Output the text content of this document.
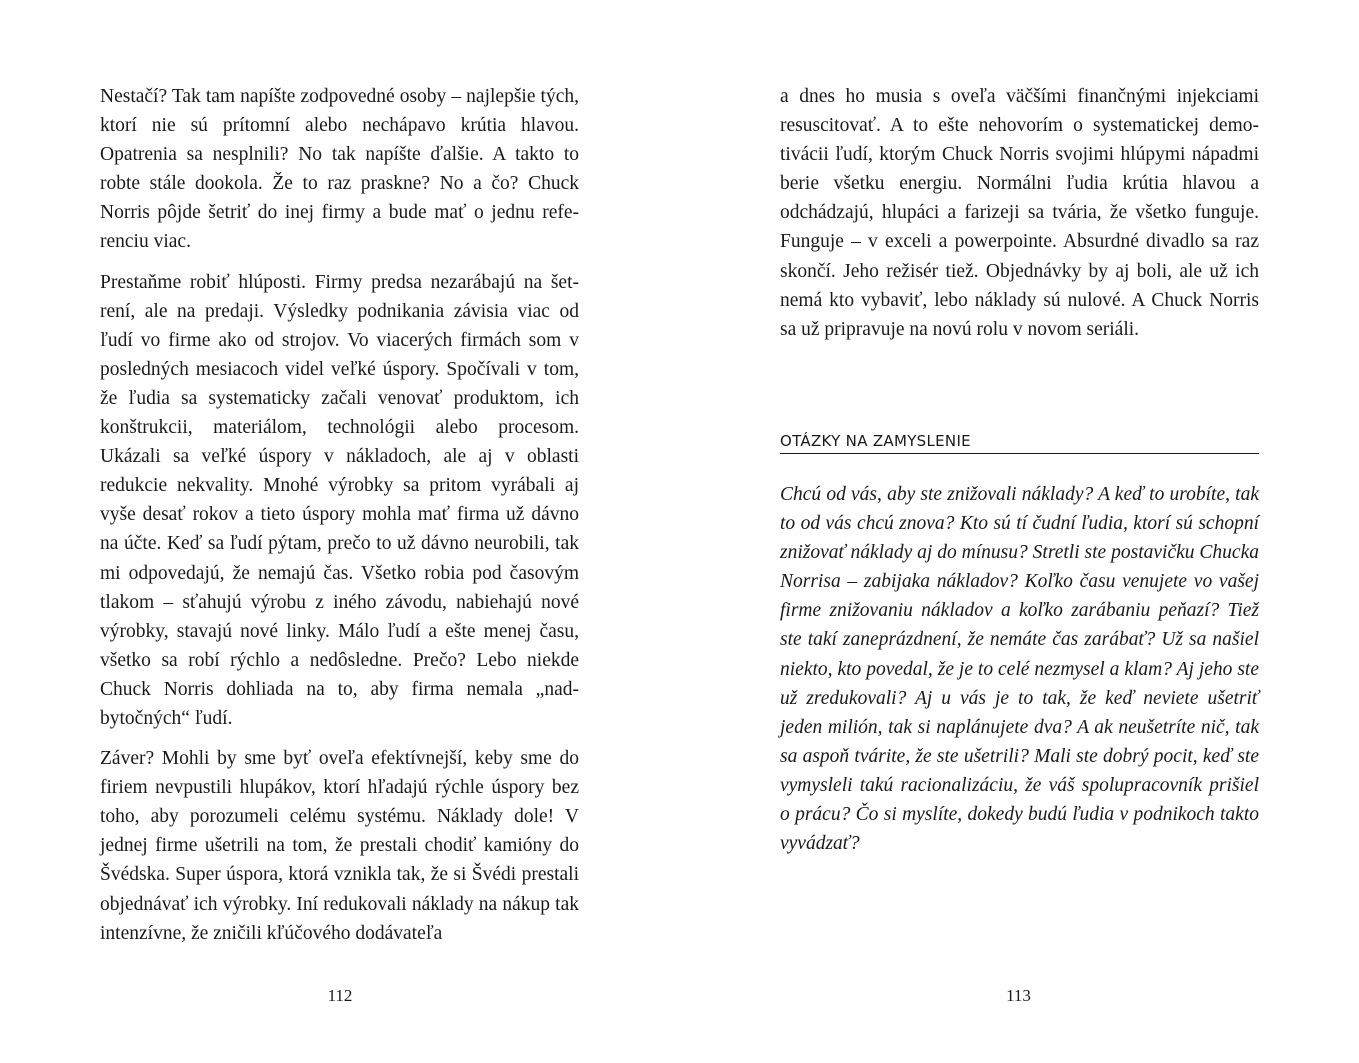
Nestačí? Tak tam napíšte zodpovedné osoby – najlepšie tých, ktorí nie sú prítomní alebo nechápavo krútia hlavou. Opatrenia sa nesplnili? No tak napíšte ďalšie. A takto to robte stále dookola. Že to raz praskne? No a čo? Chuck Norris pôjde šetriť do inej firmy a bude mať o jednu referenciu viac.

Prestaňme robiť hlúposti. Firmy predsa nezarábajú na šetrení, ale na predaji. Výsledky podnikania závisia viac od ľudí vo firme ako od strojov. Vo viacerých firmách som v posledných mesiacoch videl veľké úspory. Spočívali v tom, že ľudia sa systematicky začali venovať produktom, ich konštrukcii, materiálom, technológii alebo procesom. Ukázali sa veľké úspory v nákladoch, ale aj v oblasti redukcie nekvality. Mnohé výrobky sa pritom vyrábali aj vyše desať rokov a tieto úspory mohla mať firma už dávno na účte. Keď sa ľudí pýtam, prečo to už dávno neurobili, tak mi odpovedajú, že nemajú čas. Všetko robia pod časovým tlakom – sťahujú výrobu z iného závodu, nabiehajú nové výrobky, stavajú nové linky. Málo ľudí a ešte menej času, všetko sa robí rýchlo a nedôsledne. Prečo? Lebo niekde Chuck Norris dohliada na to, aby firma nemala „nadbytočných“ ľudí.

Záver? Mohli by sme byť oveľa efektívnejší, keby sme do firiem nevpustili hlupákov, ktorí hľadajú rýchle úspory bez toho, aby porozumeli celému systému. Náklady dole! V jednej firme ušetrili na tom, že prestali chodiť kamióny do Švédska. Super úspora, ktorá vznikla tak, že si Švédi prestali objednávať ich výrobky. Iní redukovali náklady na nákup tak intenzívne, že zničili kľúčového dodávateľa

112

a dnes ho musia s oveľa väčšími finančnými injekciami resuscitovať. A to ešte nehovorím o systematickej demotivácii ľudí, ktorým Chuck Norris svojimi hlúpymi nápadmi berie všetku energiu. Normálni ľudia krútia hlavou a odchádzajú, hlupáci a farizeji sa tvária, že všetko funguje. Funguje – v exceli a powerpointe. Absurdné divadlo sa raz skončí. Jeho režisér tiež. Objednávky by aj boli, ale už ich nemá kto vybaviť, lebo náklady sú nulové. A Chuck Norris sa už pripravuje na novú rolu v novom seriáli.

OTÁZKY NA ZAMYSLENIE
Chcú od vás, aby ste znižovali náklady? A keď to urobíte, tak to od vás chcú znova? Kto sú tí čudní ľudia, ktorí sú schopní znižovať náklady aj do mínusu? Stretli ste postavičku Chucka Norrisa – zabijaka nákladov? Koľko času venujete vo vašej firme znižovaniu nákladov a koľko zarábaniu peňazí? Tiež ste takí zaneprázdnení, že nemáte čas zarábať? Už sa našiel niekto, kto povedal, že je to celé nezmysel a klam? Aj jeho ste už zredukovali? Aj u vás je to tak, že keď neviete ušetriť jeden milión, tak si naplánujete dva? A ak neušetríte nič, tak sa aspoň tvárite, že ste ušetrili? Mali ste dobrý pocit, keď ste vymysleli takú racionalizáciu, že váš spolupracovník prišiel o prácu? Čo si myslíte, dokedy budú ľudia v podnikoch takto vyvádzať?
113
